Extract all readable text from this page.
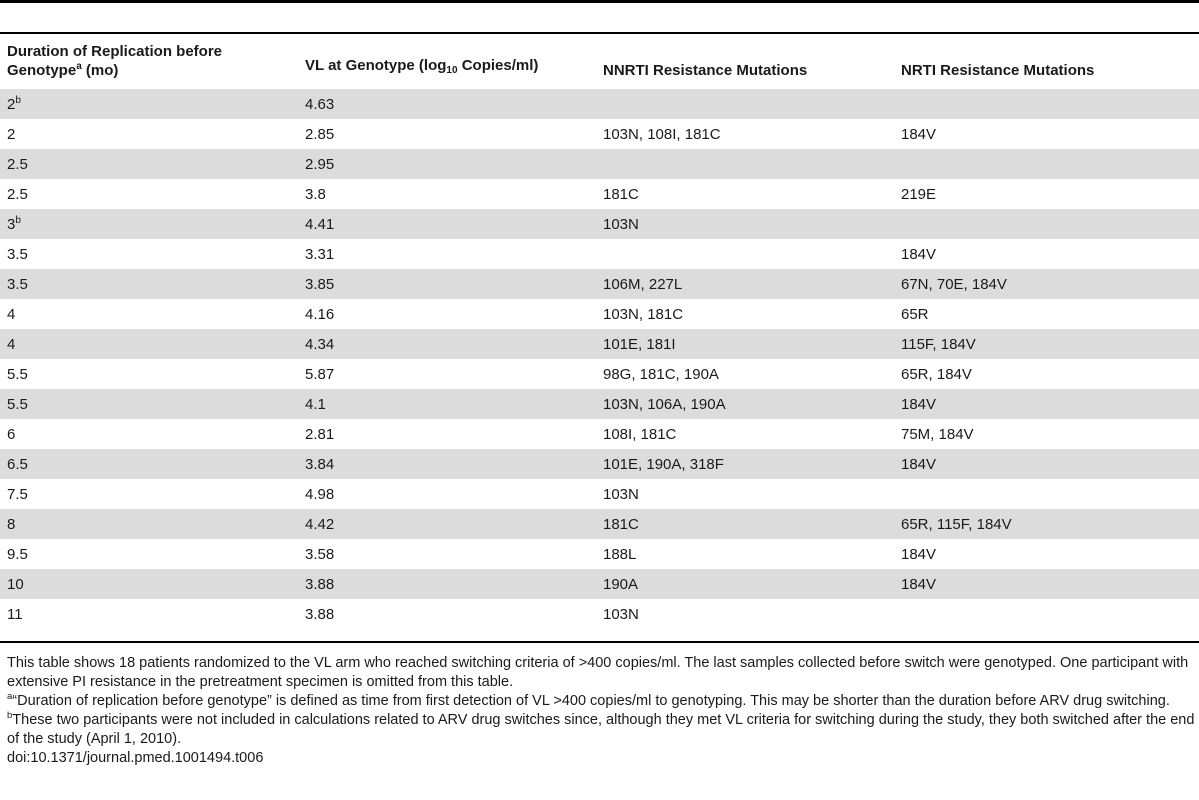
Duration of Replication before Genotype$^a$ (mo)	VL at Genotype ($\log_{10}$ Copies/ml)	NNRTI Resistance Mutations	NRTI Resistance Mutations
2$^b$	4.63		
2	2.85	103N, 108I, 181C	184V
2.5	2.95		
2.5	3.8	181C	219E
3$^b$	4.41	103N	
3.5	3.31		184V
3.5	3.85	106M, 227L	67N, 70E, 184V
4	4.16	103N, 181C	65R
4	4.34	101E, 181I	115F, 184V
5.5	5.87	98G, 181C, 190A	65R, 184V
5.5	4.1	103N, 106A, 190A	184V
6	2.81	108I, 181C	75M, 184V
6.5	3.84	101E, 190A, 318F	184V
7.5	4.98	103N	
8	4.42	181C	65R, 115F, 184V
9.5	3.58	188L	184V
10	3.88	190A	184V
11	3.88	103N	

This table shows 18 patients randomized to the VL arm who reached switching criteria of >400 copies/ml. The last samples collected before switch were genotyped. One participant with extensive PI resistance in the pretreatment specimen is omitted from this table.

$^a$“Duration of replication before genotype” is defined as time from first detection of VL >400 copies/ml to genotyping. This may be shorter than the duration before ARV drug switching.

$^b$These two participants were not included in calculations related to ARV drug switches since, although they met VL criteria for switching during the study, they both switched after the end of the study (April 1, 2010).

doi:10.1371/journal.pmed.1001494.t006
